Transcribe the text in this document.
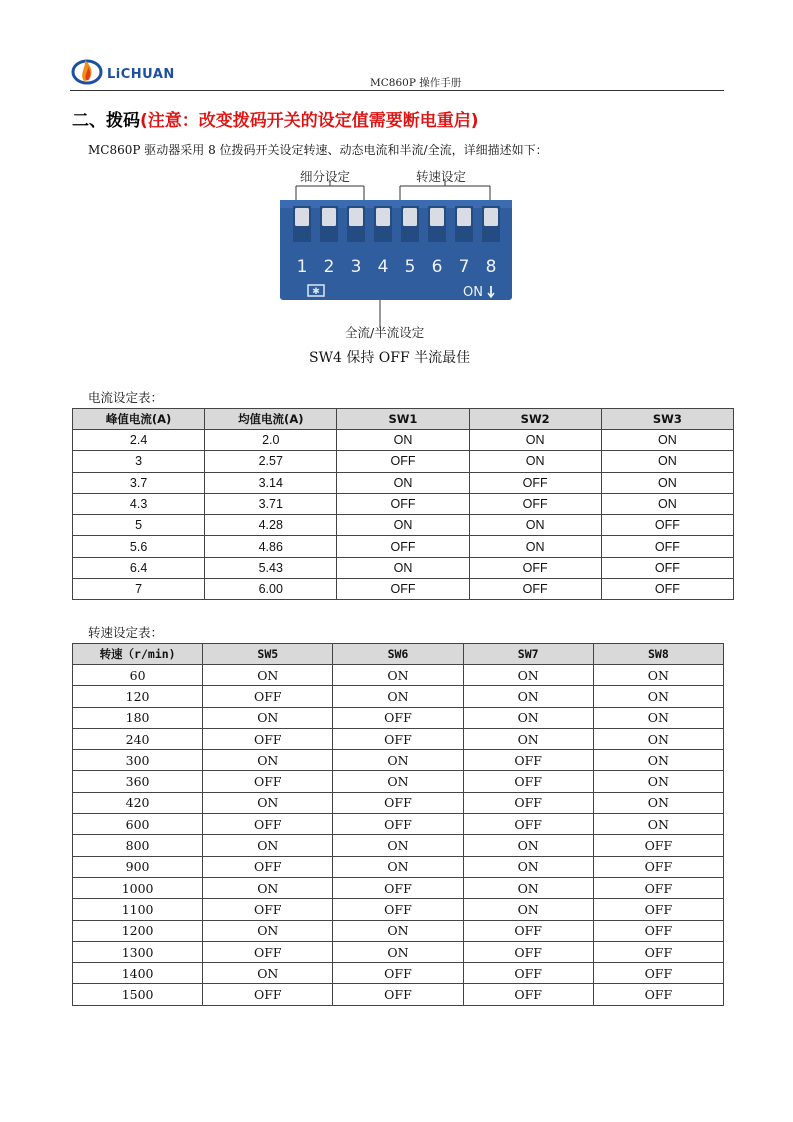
LiCHUAN
MC860P 操作手册
二、拨码(注意：改变拨码开关的设定值需要断电重启)
MC860P 驱动器采用 8 位拨码开关设定转速、动态电流和半流/全流，详细描述如下：
细分设定	转速设定
1 2 3 4 5 6 7 8
✱	ON
全流/半流设定
SW4 保持 OFF 半流最佳
电流设定表：
峰值电流(A)	均值电流(A)	SW1	SW2	SW3
2.4	2.0	ON	ON	ON
3	2.57	OFF	ON	ON
3.7	3.14	ON	OFF	ON
4.3	3.71	OFF	OFF	ON
5	4.28	ON	ON	OFF
5.6	4.86	OFF	ON	OFF
6.4	5.43	ON	OFF	OFF
7	6.00	OFF	OFF	OFF
转速设定表：
转速（r/min)	SW5	SW6	SW7	SW8
60	ON	ON	ON	ON
120	OFF	ON	ON	ON
180	ON	OFF	ON	ON
240	OFF	OFF	ON	ON
300	ON	ON	OFF	ON
360	OFF	ON	OFF	ON
420	ON	OFF	OFF	ON
600	OFF	OFF	OFF	ON
800	ON	ON	ON	OFF
900	OFF	ON	ON	OFF
1000	ON	OFF	ON	OFF
1100	OFF	OFF	ON	OFF
1200	ON	ON	OFF	OFF
1300	OFF	ON	OFF	OFF
1400	ON	OFF	OFF	OFF
1500	OFF	OFF	OFF	OFF
